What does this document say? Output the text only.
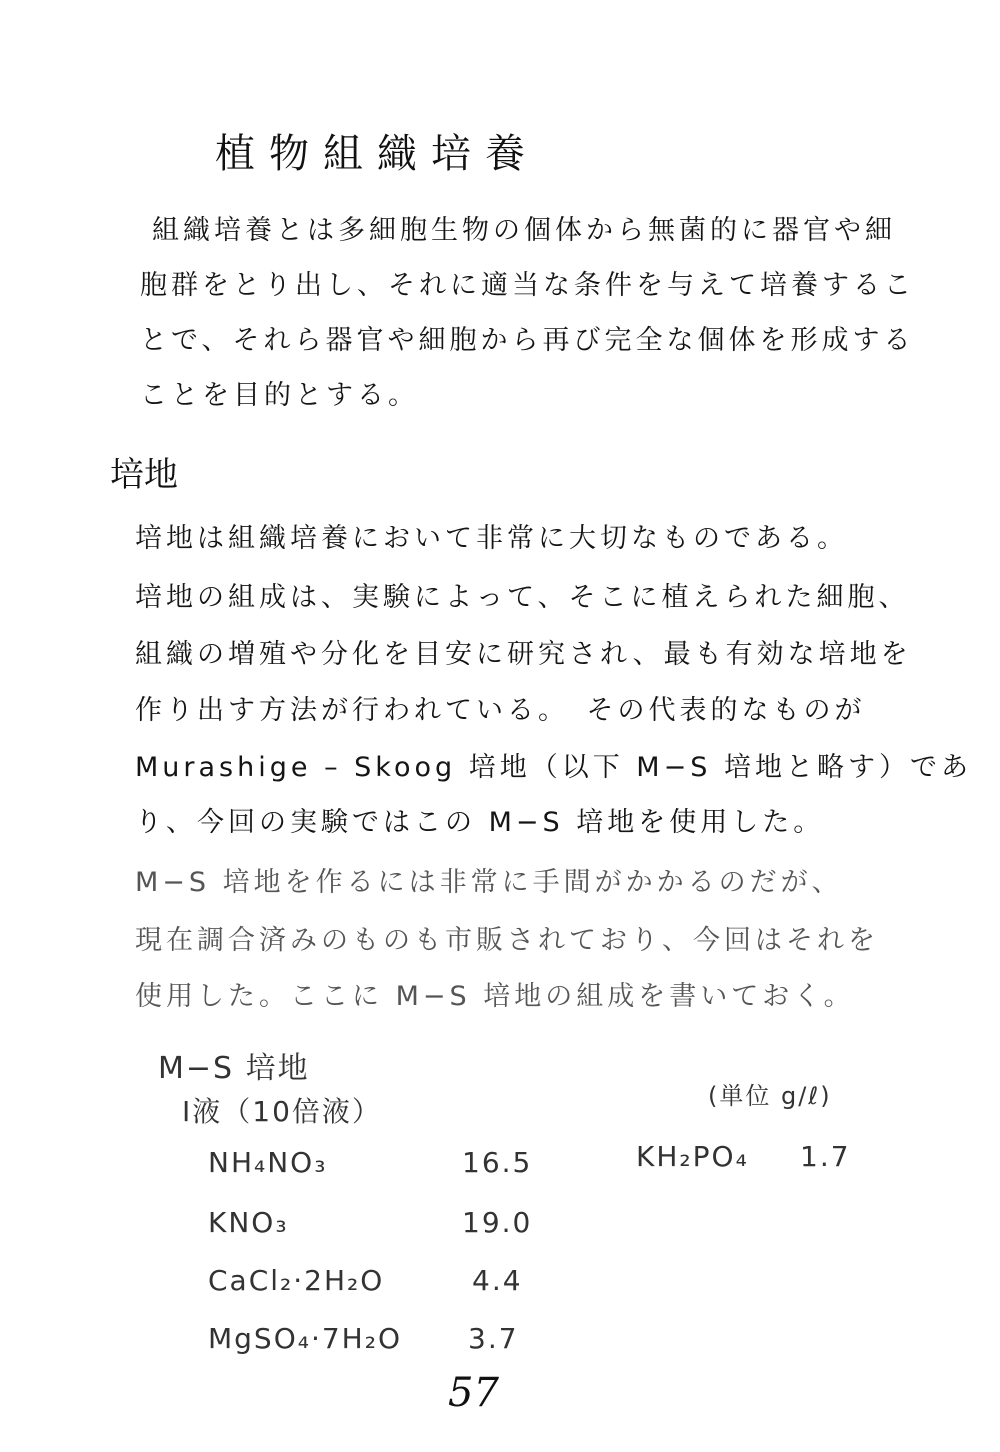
植物組織培養
組織培養とは多細胞生物の個体から無菌的に器官や細
胞群をとり出し、それに適当な条件を与えて培養するこ
とで、それら器官や細胞から再び完全な個体を形成する
ことを目的とする。
培地
培地は組織培養において非常に大切なものである。
培地の組成は、実験によって、そこに植えられた細胞、
組織の増殖や分化を目安に研究され、最も有効な培地を
作り出す方法が行われている。　その代表的なものが
Murashige – Skoog 培地（以下 M−S 培地と略す）であ
り、今回の実験ではこの M−S 培地を使用した。
M−S 培地を作るには非常に手間がかかるのだが、
現在調合済みのものも市販されており、今回はそれを
使用した。ここに M−S 培地の組成を書いておく。
M−S 培地
Ⅰ液（10倍液）	(単位 g/ℓ)
NH₄NO₃	16.5
KNO₃	19.0
CaCl₂·2H₂O	4.4
MgSO₄·7H₂O 3.7
KH₂PO₄ 1.7
57
